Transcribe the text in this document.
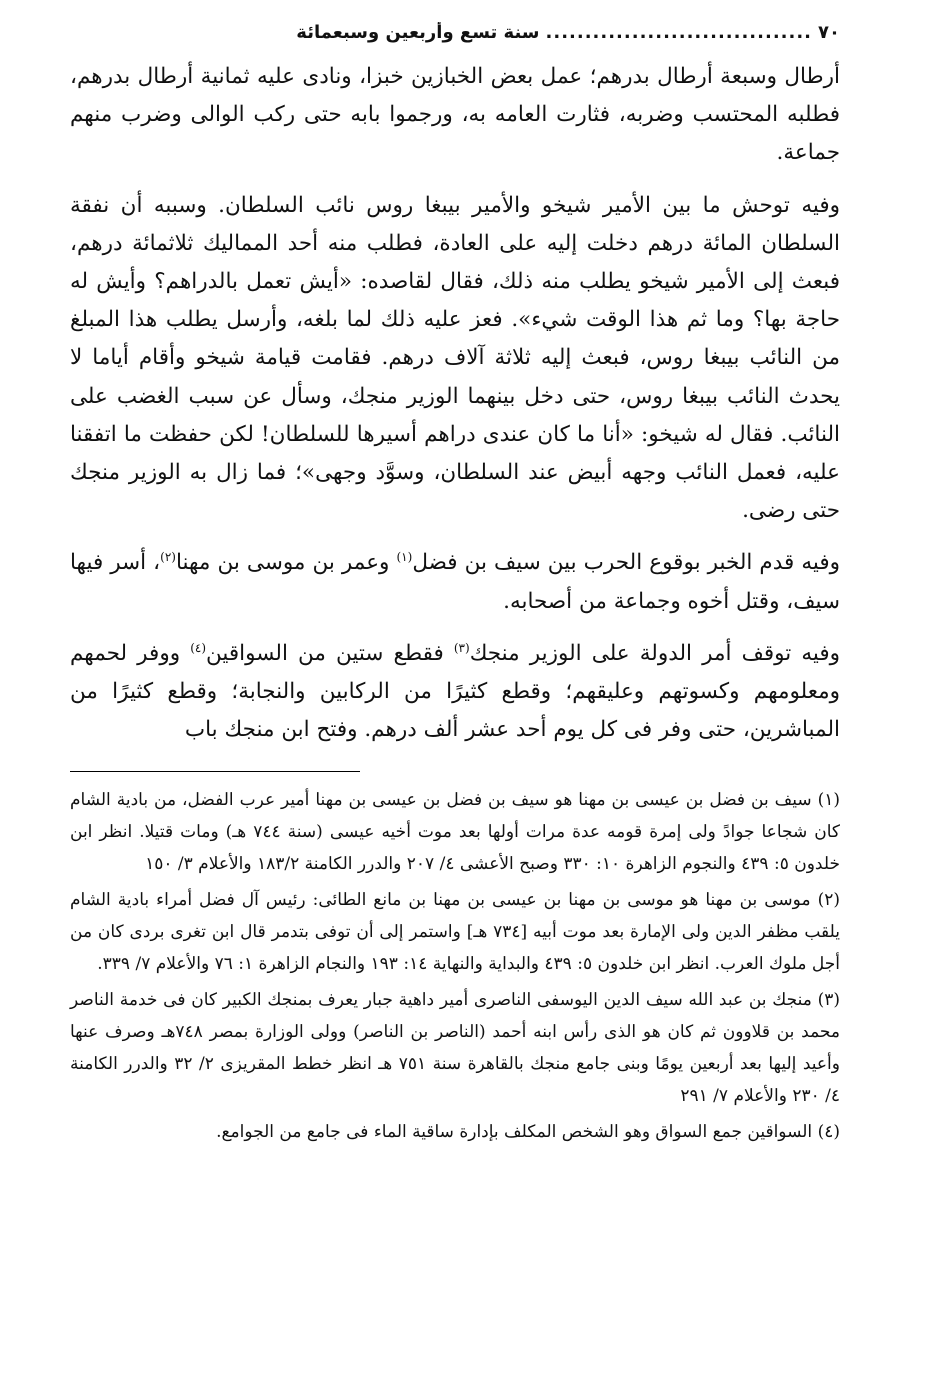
٧٠
..................................
سنة تسع وأربعين وسبعمائة

أرطال وسبعة أرطال بدرهم؛ عمل بعض الخبازين خبزا، ونادى عليه ثمانية أرطال بدرهم، فطلبه المحتسب وضربه، فثارت العامه به، ورجموا بابه حتى ركب الوالى وضرب منهم جماعة.

وفيه توحش ما بين الأمير شيخو والأمير بيبغا روس نائب السلطان. وسببه أن نفقة السلطان المائة درهم دخلت إليه على العادة، فطلب منه أحد المماليك ثلاثمائة درهم، فبعث إلى الأمير شيخو يطلب منه ذلك، فقال لقاصده: «أيش تعمل بالدراهم؟ وأيش له حاجة بها؟ وما ثم هذا الوقت شيء». فعز عليه ذلك لما بلغه، وأرسل يطلب هذا المبلغ من النائب بيبغا روس، فبعث إليه ثلاثة آلاف درهم. فقامت قيامة شيخو وأقام أياما لا يحدث النائب بيبغا روس، حتى دخل بينهما الوزير منجك، وسأل عن سبب الغضب على النائب. فقال له شيخو: «أنا ما كان عندى دراهم أسيرها للسلطان! لكن حفظت ما اتفقنا عليه، فعمل النائب وجهه أبيض عند السلطان، وسوَّد وجهى»؛ فما زال به الوزير منجك حتى رضى.

وفيه قدم الخبر بوقوع الحرب بين سيف بن فضل$^{(١)}$ وعمر بن موسى بن مهنا$^{(٢)}$، أسر فيها سيف، وقتل أخوه وجماعة من أصحابه.

وفيه توقف أمر الدولة على الوزير منجك$^{(٣)}$ فقطع ستين من السواقين$^{(٤)}$ ووفر لحمهم ومعلومهم وكسوتهم وعليقهم؛ وقطع كثيرًا من الركابين والنجابة؛ وقطع كثيرًا من المباشرين، حتى وفر فى كل يوم أحد عشر ألف درهم. وفتح ابن منجك باب

(١) سيف بن فضل بن عيسى بن مهنا هو سيف بن فضل بن عيسى بن مهنا أمير عرب الفضل، من بادية الشام كان شجاعا جوادً ولى إمرة قومه عدة مرات أولها بعد موت أخيه عيسى (سنة ٧٤٤ هـ) ومات قتيلا. انظر ابن خلدون ٥: ٤٣٩ والنجوم الزاهرة ١٠: ٣٣٠ وصبح الأعشى ٤/ ٢٠٧ والدرر الكامنة ١٨٣/٢ والأعلام ٣/ ١٥٠

(٢) موسى بن مهنا هو موسى بن مهنا بن عيسى بن مهنا بن مانع الطائى: رئيس آل فضل أمراء بادية الشام يلقب مظفر الدين ولى الإمارة بعد موت أبيه [٧٣٤ هـ] واستمر إلى أن توفى بتدمر قال ابن تغرى بردى كان من أجل ملوك العرب. انظر ابن خلدون ٥: ٤٣٩ والبداية والنهاية ١٤: ١٩٣ والنجام الزاهرة ١: ٧٦ والأعلام ٧/ ٣٣٩.

(٣) منجك بن عبد الله سيف الدين اليوسفى الناصرى أمير داهية جبار يعرف بمنجك الكبير كان فى خدمة الناصر محمد بن قلاوون ثم كان هو الذى رأس ابنه أحمد (الناصر بن الناصر) وولى الوزارة بمصر ٧٤٨هـ وصرف عنها وأعيد إليها بعد أربعين يومًا وبنى جامع منجك بالقاهرة سنة ٧٥١ هـ انظر خطط المقريزى ٢/ ٣٢ والدرر الكامنة ٤/ ٢٣٠ والأعلام ٧/ ٢٩١

(٤) السواقين جمع السواق وهو الشخص المكلف بإدارة ساقية الماء فى جامع من الجوامع.
